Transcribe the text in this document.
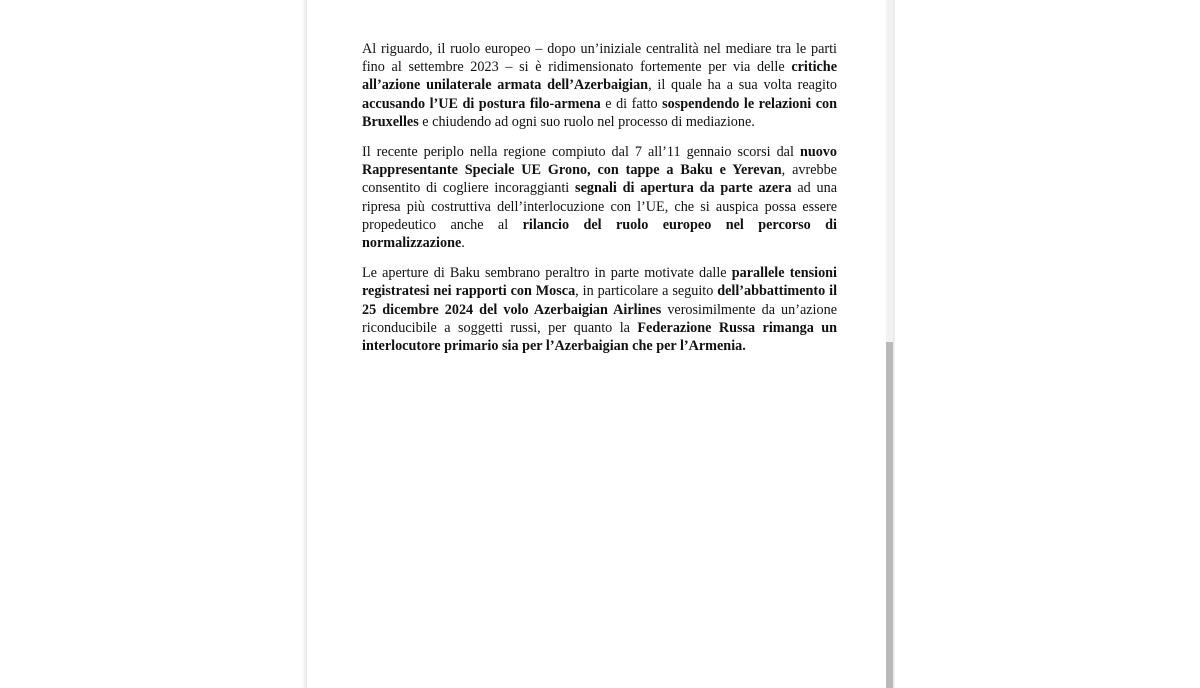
Al riguardo, il ruolo europeo – dopo un’iniziale centralità nel mediare tra le parti fino al settembre 2023 – si è ridimensionato fortemente per via delle critiche all’azione unilaterale armata dell’Azerbaigian, il quale ha a sua volta reagito accusando l’UE di postura filo-armena e di fatto sospendendo le relazioni con Bruxelles e chiudendo ad ogni suo ruolo nel processo di mediazione.

Il recente periplo nella regione compiuto dal 7 all’11 gennaio scorsi dal nuovo Rappresentante Speciale UE Grono, con tappe a Baku e Yerevan, avrebbe consentito di cogliere incoraggianti segnali di apertura da parte azera ad una ripresa più costruttiva dell’interlocuzione con l’UE, che si auspica possa essere propedeutico anche al rilancio del ruolo europeo nel percorso di normalizzazione.

Le aperture di Baku sembrano peraltro in parte motivate dalle parallele tensioni registratesi nei rapporti con Mosca, in particolare a seguito dell’abbattimento il 25 dicembre 2024 del volo Azerbaigian Airlines verosimilmente da un’azione riconducibile a soggetti russi, per quanto la Federazione Russa rimanga un interlocutore primario sia per l’Azerbaigian che per l’Armenia.
